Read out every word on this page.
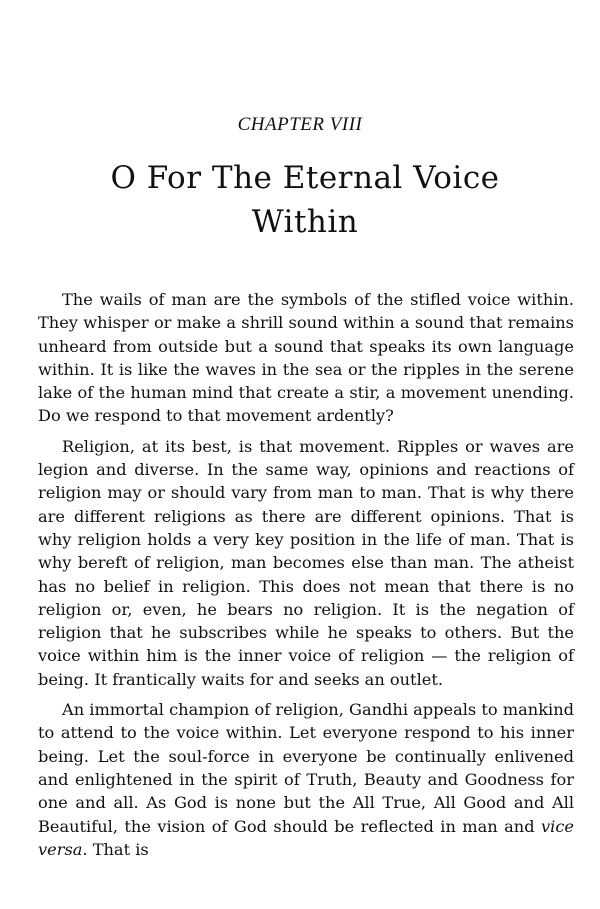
CHAPTER VIII
O For The Eternal Voice
Within

The wails of man are the symbols of the stifled voice within. They whisper or make a shrill sound within a sound that remains unheard from outside but a sound that speaks its own language within. It is like the waves in the sea or the ripples in the serene lake of the human mind that create a stir, a movement unending. Do we respond to that movement ardently?

Religion, at its best, is that movement. Ripples or waves are legion and diverse. In the same way, opinions and reactions of religion may or should vary from man to man. That is why there are different religions as there are different opinions. That is why religion holds a very key position in the life of man. That is why bereft of religion, man becomes else than man. The atheist has no belief in religion. This does not mean that there is no religion or, even, he bears no religion. It is the negation of religion that he subscribes while he speaks to others. But the voice within him is the inner voice of religion — the religion of being. It frantically waits for and seeks an outlet.

An immortal champion of religion, Gandhi appeals to mankind to attend to the voice within. Let everyone respond to his inner being. Let the soul-force in everyone be continually enlivened and enlightened in the spirit of Truth, Beauty and Goodness for one and all. As God is none but the All True, All Good and All Beautiful, the vision of God should be reflected in man and vice versa. That is
